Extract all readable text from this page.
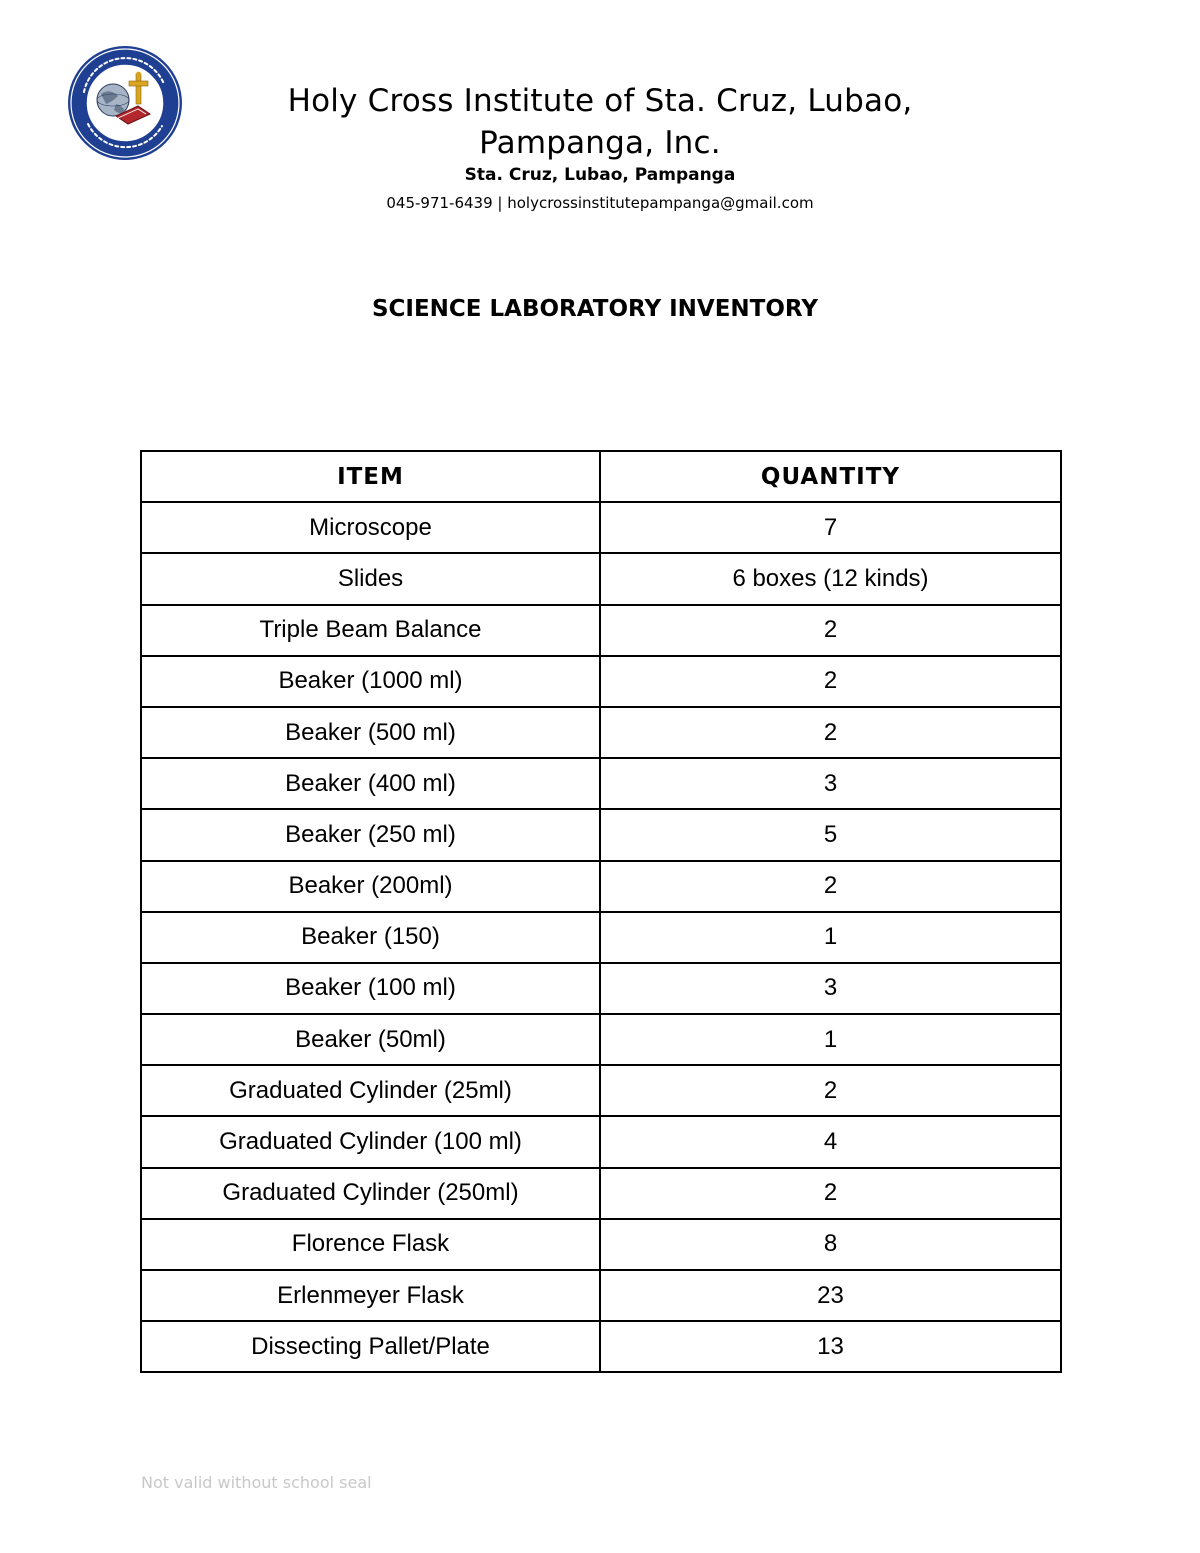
Holy Cross Institute of Sta. Cruz, Lubao, Pampanga, Inc.
Sta. Cruz, Lubao, Pampanga
045-971-6439 | holycrossinstitutepampanga@gmail.com
SCIENCE LABORATORY INVENTORY
ITEM	QUANTITY
Microscope	7
Slides	6 boxes (12 kinds)
Triple Beam Balance	2
Beaker (1000 ml)	2
Beaker (500 ml)	2
Beaker (400 ml)	3
Beaker (250 ml)	5
Beaker (200ml)	2
Beaker (150)	1
Beaker (100 ml)	3
Beaker (50ml)	1
Graduated Cylinder (25ml)	2
Graduated Cylinder (100 ml)	4
Graduated Cylinder (250ml)	2
Florence Flask	8
Erlenmeyer Flask	23
Dissecting Pallet/Plate	13
Not valid without school seal
